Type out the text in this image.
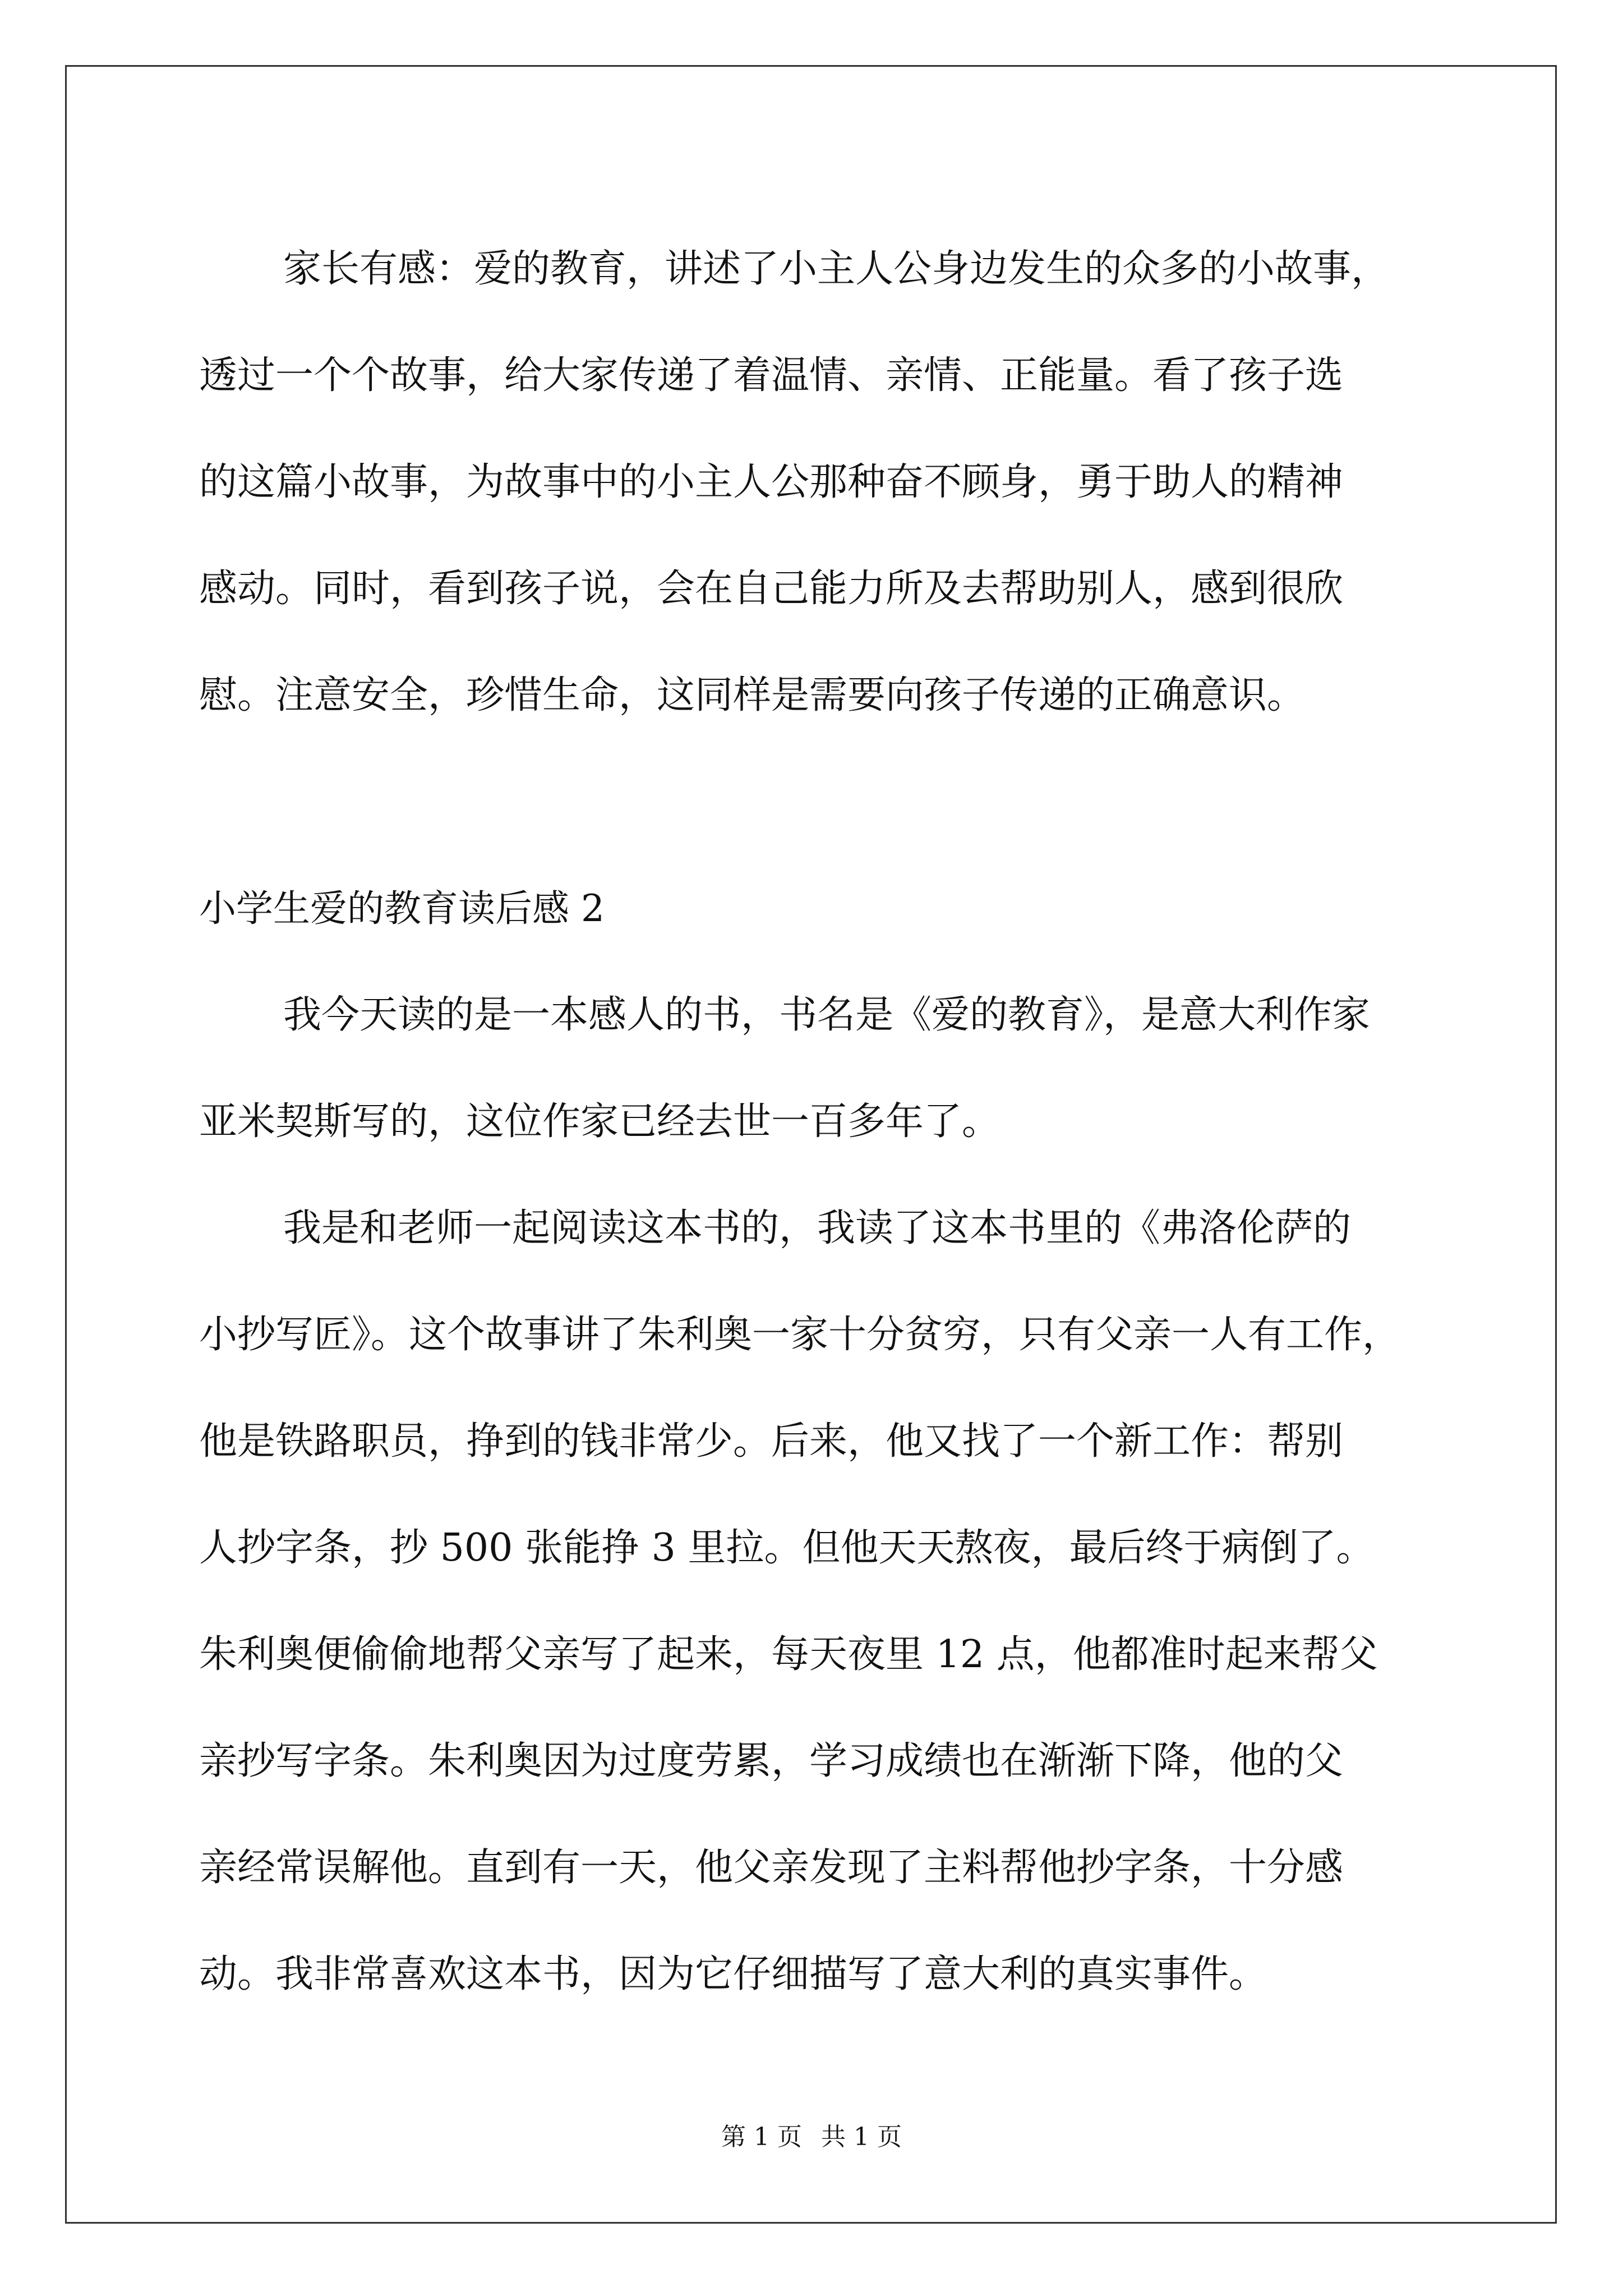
家长有感：爱的教育，讲述了小主人公身边发生的众多的小故事，
透过一个个故事，给大家传递了着温情、亲情、正能量。看了孩子选
的这篇小故事，为故事中的小主人公那种奋不顾身，勇于助人的精神
感动。同时，看到孩子说，会在自己能力所及去帮助别人，感到很欣
慰。注意安全，珍惜生命，这同样是需要向孩子传递的正确意识。
小学生爱的教育读后感 2
我今天读的是一本感人的书，书名是《爱的教育》，是意大利作家
亚米契斯写的，这位作家已经去世一百多年了。
我是和老师一起阅读这本书的，我读了这本书里的《弗洛伦萨的
小抄写匠》。这个故事讲了朱利奥一家十分贫穷，只有父亲一人有工作，
他是铁路职员，挣到的钱非常少。后来，他又找了一个新工作：帮别
人抄字条，抄 500 张能挣 3 里拉。但他天天熬夜，最后终于病倒了。
朱利奥便偷偷地帮父亲写了起来，每天夜里 12 点，他都准时起来帮父
亲抄写字条。朱利奥因为过度劳累，学习成绩也在渐渐下降，他的父
亲经常误解他。直到有一天，他父亲发现了主料帮他抄字条，十分感
动。我非常喜欢这本书，因为它仔细描写了意大利的真实事件。
第 1 页 共 1 页
